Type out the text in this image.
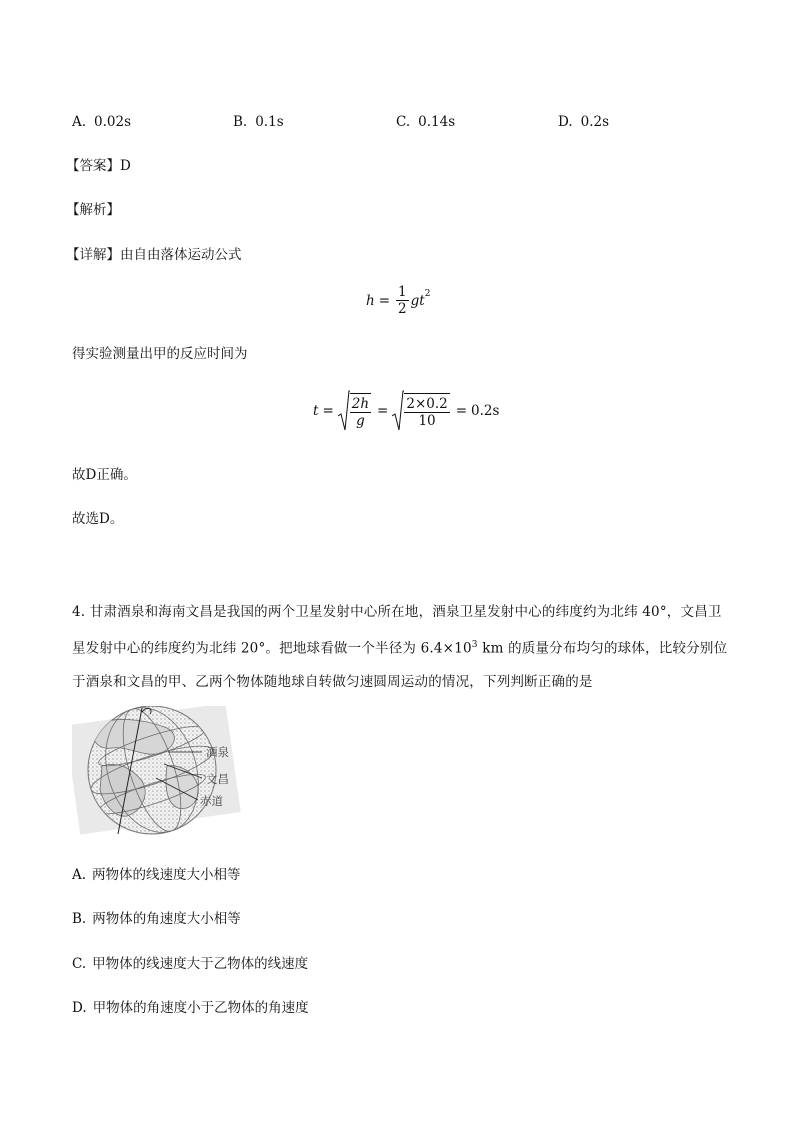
A. 0.02s	B. 0.1s	C. 0.14s	D. 0.2s
【答案】D
【解析】
【详解】由自由落体运动公式
$h = \frac{1}{2}$ g $t^2$
得实验测量出甲的反应时间为
$t = \frac{2h}{g} = \frac{2\times 0.2}{10} = 0.2s$
故D正确。
故选D。
4. 甘肃酒泉和海南文昌是我国的两个卫星发射中心所在地，酒泉卫星发射中心的纬度约为北纬 40°，文昌卫星发射中心的纬度约为北纬 20°。把地球看做一个半径为 $6.4\times 10^3$ km 的质量分布均匀的球体，比较分别位于酒泉和文昌的甲、乙两个物体随地球自转做匀速圆周运动的情况，下列判断正确的是
酒泉
文昌
赤道
A. 两物体的线速度大小相等
B. 两物体的角速度大小相等
C. 甲物体的线速度大于乙物体的线速度
D. 甲物体的角速度小于乙物体的角速度
